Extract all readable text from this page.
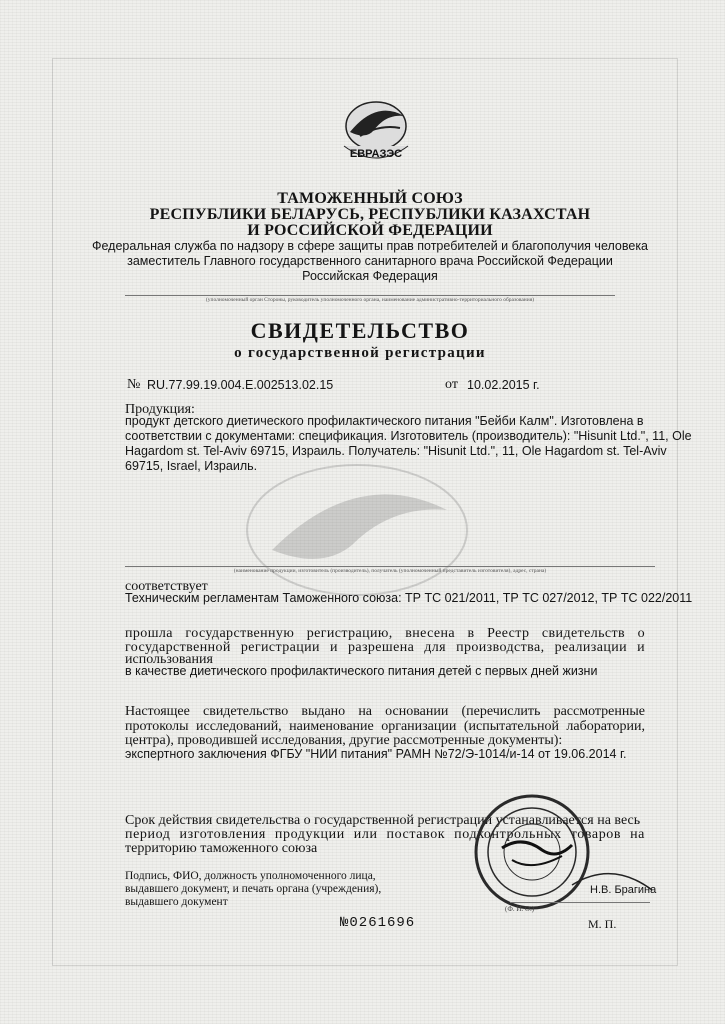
ЕВРАЗЭС
ТАМОЖЕННЫЙ СОЮЗ
РЕСПУБЛИКИ БЕЛАРУСЬ, РЕСПУБЛИКИ КАЗАХСТАН
И РОССИЙСКОЙ ФЕДЕРАЦИИ
Федеральная служба по надзору в сфере защиты прав потребителей и благополучия человека
заместитель Главного государственного санитарного врача Российской Федерации
Российская Федерация
(уполномоченный орган Стороны, руководитель уполномоченного органа, наименование административно-территориального образования)
СВИДЕТЕЛЬСТВО
о государственной регистрации
№ RU.77.99.19.004.E.002513.02.15	от 10.02.2015 г.
Продукция:
продукт детского диетического профилактического питания "Бейби Калм". Изготовлена в
соответствии с документами: спецификация. Изготовитель (производитель): "Hisunit Ltd.", 11, Ole
Hagardom st. Tel-Aviv 69715, Израиль. Получатель: "Hisunit Ltd.", 11, Ole Hagardom st. Tel-Aviv
69715, Israel, Израиль.
(наименование продукции, изготовитель (производитель), получатель (уполномоченный представитель изготовителя), адрес, страна)
соответствует
Техническим регламентам Таможенного союза: ТР ТС 021/2011, ТР ТС 027/2012, ТР ТС 022/2011
прошла государственную регистрацию, внесена в Реестр свидетельств о
государственной регистрации и разрешена для производства, реализации и
использования
в качестве диетического профилактического питания детей с первых дней жизни
Настоящее свидетельство выдано на основании (перечислить рассмотренные
протоколы исследований, наименование организации (испытательной лаборатории,
центра), проводившей исследования, другие рассмотренные документы):
экспертного заключения ФГБУ "НИИ питания" РАМН №72/Э-1014/и-14 от 19.06.2014 г.
Срок действия свидетельства о государственной регистрации устанавливается на весь
период изготовления продукции или поставок подконтрольных товаров на
территорию таможенного союза
Подпись, ФИО, должность уполномоченного лица,
выдавшего документ, и печать органа (учреждения),
выдавшего документ
Н.В. Брагина
(Ф. И. О.)
М. П.
№0261696
